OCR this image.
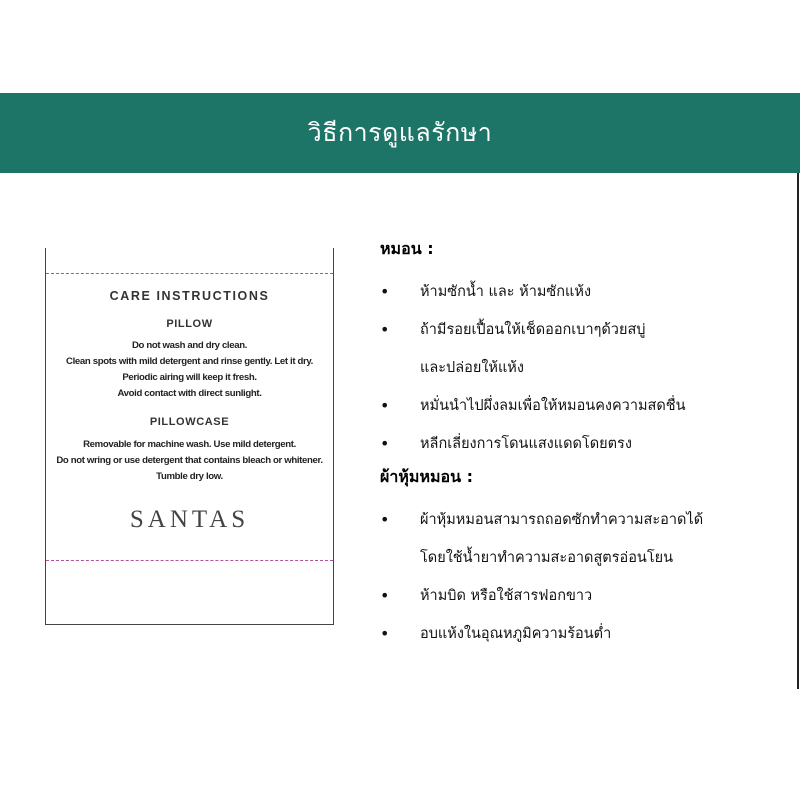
วิธีการดูแลรักษา
CARE INSTRUCTIONS
PILLOW
Do not wash and dry clean.
Clean spots with mild detergent and rinse gently. Let it dry.
Periodic airing will keep it fresh.
Avoid contact with direct sunlight.
PILLOWCASE
Removable for machine wash. Use mild detergent.
Do not wring or use detergent that contains bleach or whitener.
Tumble dry low.
SANTAS
หมอน :
•	ห้ามซักน้ำ และ ห้ามซักแห้ง
•	ถ้ามีรอยเปื้อนให้เช็ดออกเบาๆด้วยสบู่
และปล่อยให้แห้ง
•	หมั่นนำไปผึ่งลมเพื่อให้หมอนคงความสดชื่น
•	หลีกเลี่ยงการโดนแสงแดดโดยตรง
ผ้าหุ้มหมอน :
•	ผ้าหุ้มหมอนสามารถถอดซักทำความสะอาดได้
โดยใช้น้ำยาทำความสะอาดสูตรอ่อนโยน
•	ห้ามบิด หรือใช้สารฟอกขาว
•	อบแห้งในอุณหภูมิความร้อนต่ำ
